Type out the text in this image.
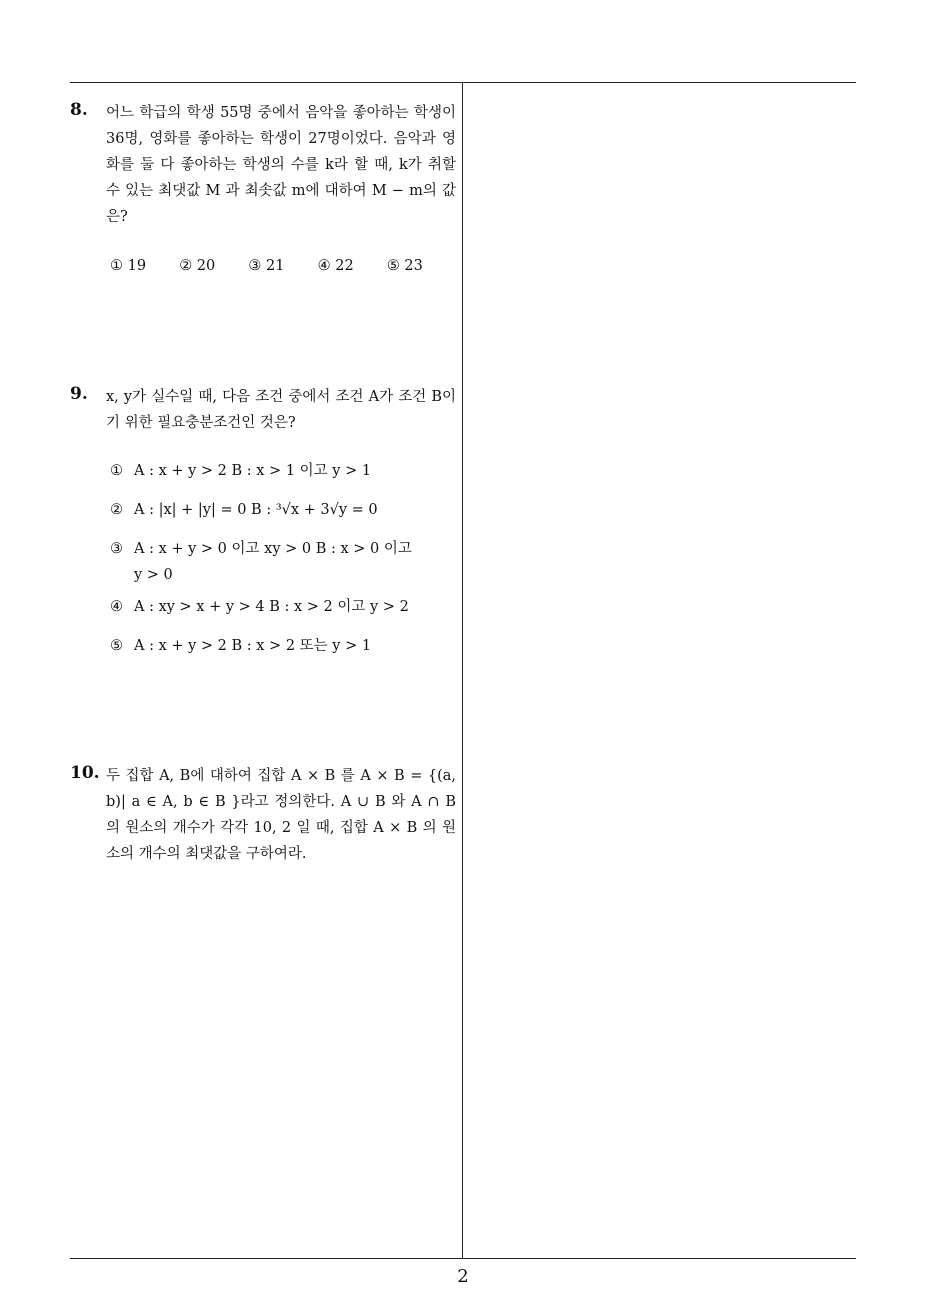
8. 어느 학급의 학생 55명 중에서 음악을 좋아하는 학생이 36명, 영화를 좋아하는 학생이 27명이었다. 음악과 영화를 둘 다 좋아하는 학생의 수를 k라 할 때, k가 취할 수 있는 최댓값 M 과 최솟값 m에 대하여 M − m의 값은?
① 19	② 20	③ 21	④ 22	⑤ 23
9. x, y가 실수일 때, 다음 조건 중에서 조건 A가 조건 B이기 위한 필요충분조건인 것은?
① A : x + y > 2 B : x > 1 이고 y > 1
② A : |x| + |y| = 0 B : ³√x + 3√y = 0
③ A : x + y > 0 이고 xy > 0 B : x > 0 이고
y > 0
④ A : xy > x + y > 4 B : x > 2 이고 y > 2
⑤ A : x + y > 2 B : x > 2 또는 y > 1
10. 두 집합 A, B에 대하여 집합 A × B 를 A × B = {(a, b)| a ∈ A, b ∈ B }라고 정의한다. A ∪ B 와 A ∩ B 의 원소의 개수가 각각 10, 2 일 때, 집합 A × B 의 원소의 개수의 최댓값을 구하여라.
2
